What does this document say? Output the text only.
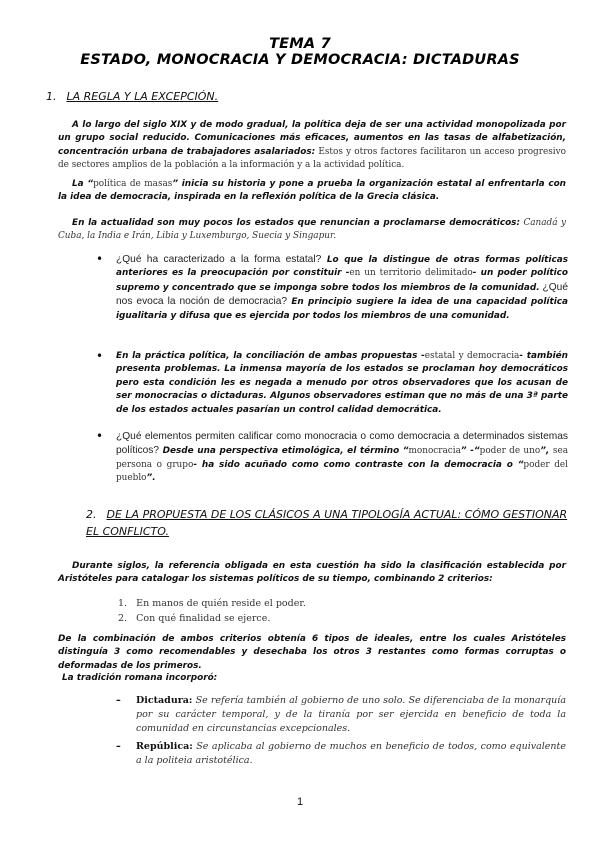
TEMA 7
ESTADO, MONOCRACIA Y DEMOCRACIA: DICTADURAS
1. LA REGLA Y LA EXCEPCIÓN.
A lo largo del siglo XIX y de modo gradual, la política deja de ser una actividad monopolizada por un grupo social reducido. Comunicaciones más eficaces, aumentos en las tasas de alfabetización, concentración urbana de trabajadores asalariados: Estos y otros factores facilitaron un acceso progresivo de sectores amplios de la población a la información y a la actividad política.
La “política de masas” inicia su historia y pone a prueba la organización estatal al enfrentarla con la idea de democracia, inspirada en la reflexión política de la Grecia clásica.
En la actualidad son muy pocos los estados que renuncian a proclamarse democráticos: Canadá y Cuba, la India e Irán, Libia y Luxemburgo, Suecia y Singapur.
• ¿Qué ha caracterizado a la forma estatal? Lo que la distingue de otras formas políticas anteriores es la preocupación por constituir -en un territorio delimitado- un poder político supremo y concentrado que se imponga sobre todos los miembros de la comunidad. ¿Qué nos evoca la noción de democracia? En principio sugiere la idea de una capacidad política igualitaria y difusa que es ejercida por todos los miembros de una comunidad.
• En la práctica política, la conciliación de ambas propuestas -estatal y democracia- también presenta problemas. La inmensa mayoría de los estados se proclaman hoy democráticos pero esta condición les es negada a menudo por otros observadores que los acusan de ser monocracias o dictaduras. Algunos observadores estiman que no más de una 3ª parte de los estados actuales pasarían un control calidad democrática.
• ¿Qué elementos permiten calificar como monocracia o como democracia a determinados sistemas políticos? Desde una perspectiva etimológica, el término “monocracia” -“poder de uno”, sea persona o grupo- ha sido acuñado como como contraste con la democracia o “poder del pueblo”.
2. DE LA PROPUESTA DE LOS CLÁSICOS A UNA TIPOLOGÍA ACTUAL: CÓMO GESTIONAR EL CONFLICTO.
Durante siglos, la referencia obligada en esta cuestión ha sido la clasificación establecida por Aristóteles para catalogar los sistemas políticos de su tiempo, combinando 2 criterios:
1. En manos de quién reside el poder.
2. Con qué finalidad se ejerce.
De la combinación de ambos criterios obtenía 6 tipos de ideales, entre los cuales Aristóteles distinguía 3 como recomendables y desechaba los otros 3 restantes como formas corruptas o deformadas de los primeros.
La tradición romana incorporó:
– Dictadura: Se refería también al gobierno de uno solo. Se diferenciaba de la monarquía por su carácter temporal, y de la tiranía por ser ejercida en beneficio de toda la comunidad en circunstancias excepcionales.
– República: Se aplicaba al gobierno de muchos en beneficio de todos, como equivalente a la politeia aristotélica.
1
